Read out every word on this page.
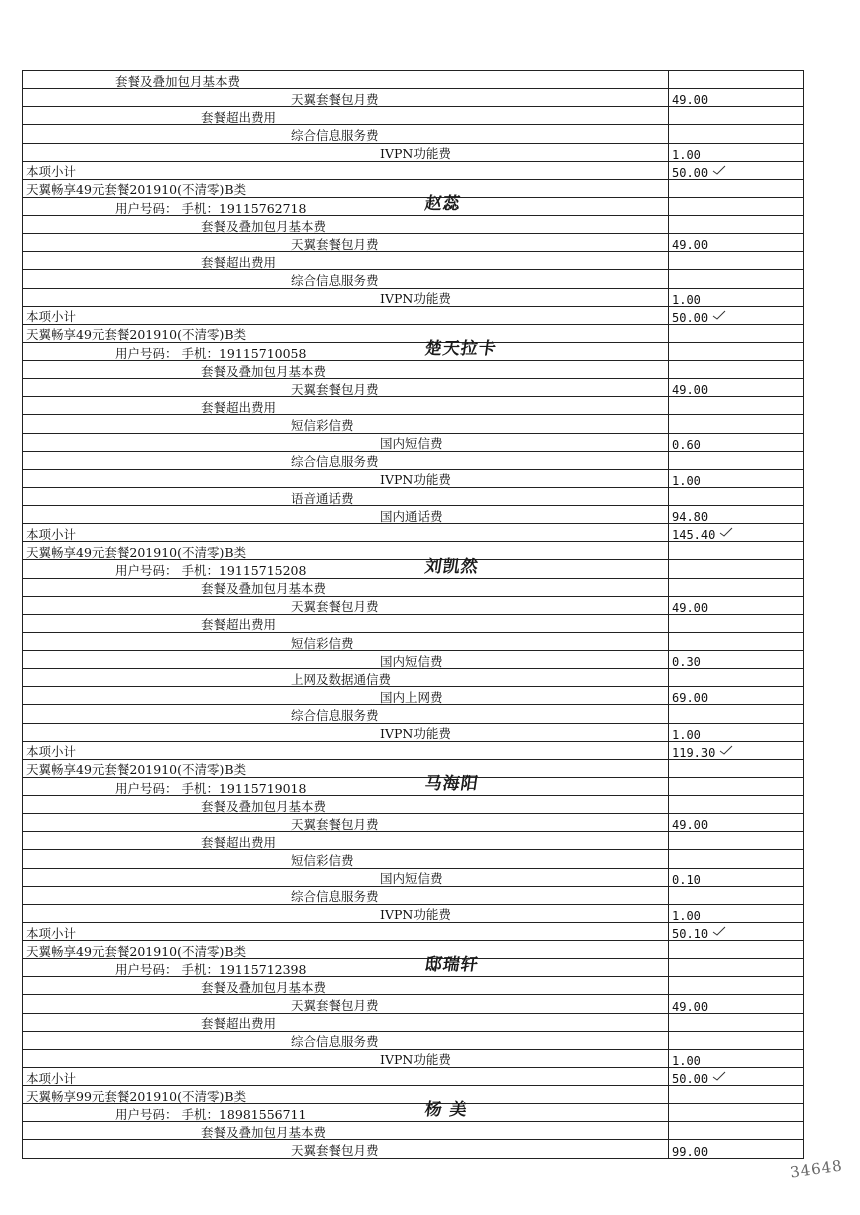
套餐及叠加包月基本费
天翼套餐包月费	49.00
套餐超出费用
综合信息服务费
IVPN功能费	1.00
本项小计	50.00
天翼畅享49元套餐201910(不清零)B类
用户号码： 手机：19115762718
套餐及叠加包月基本费
天翼套餐包月费	49.00
套餐超出费用
综合信息服务费
IVPN功能费	1.00
本项小计	50.00
天翼畅享49元套餐201910(不清零)B类
用户号码： 手机：19115710058
套餐及叠加包月基本费
天翼套餐包月费	49.00
套餐超出费用
短信彩信费
国内短信费	0.60
综合信息服务费
IVPN功能费	1.00
语音通话费
国内通话费	94.80
本项小计	145.40
天翼畅享49元套餐201910(不清零)B类
用户号码： 手机：19115715208
套餐及叠加包月基本费
天翼套餐包月费	49.00
套餐超出费用
短信彩信费
国内短信费	0.30
上网及数据通信费
国内上网费	69.00
综合信息服务费
IVPN功能费	1.00
本项小计	119.30
天翼畅享49元套餐201910(不清零)B类
用户号码： 手机：19115719018
套餐及叠加包月基本费
天翼套餐包月费	49.00
套餐超出费用
短信彩信费
国内短信费	0.10
综合信息服务费
IVPN功能费	1.00
本项小计	50.10
天翼畅享49元套餐201910(不清零)B类
用户号码： 手机：19115712398
套餐及叠加包月基本费
天翼套餐包月费	49.00
套餐超出费用
综合信息服务费
IVPN功能费	1.00
本项小计	50.00
天翼畅享99元套餐201910(不清零)B类
用户号码： 手机：18981556711
套餐及叠加包月基本费
天翼套餐包月费	99.00
赵蕊
楚天拉卡
刘凯然
马海阳
邸瑞轩
杨 美
34648
